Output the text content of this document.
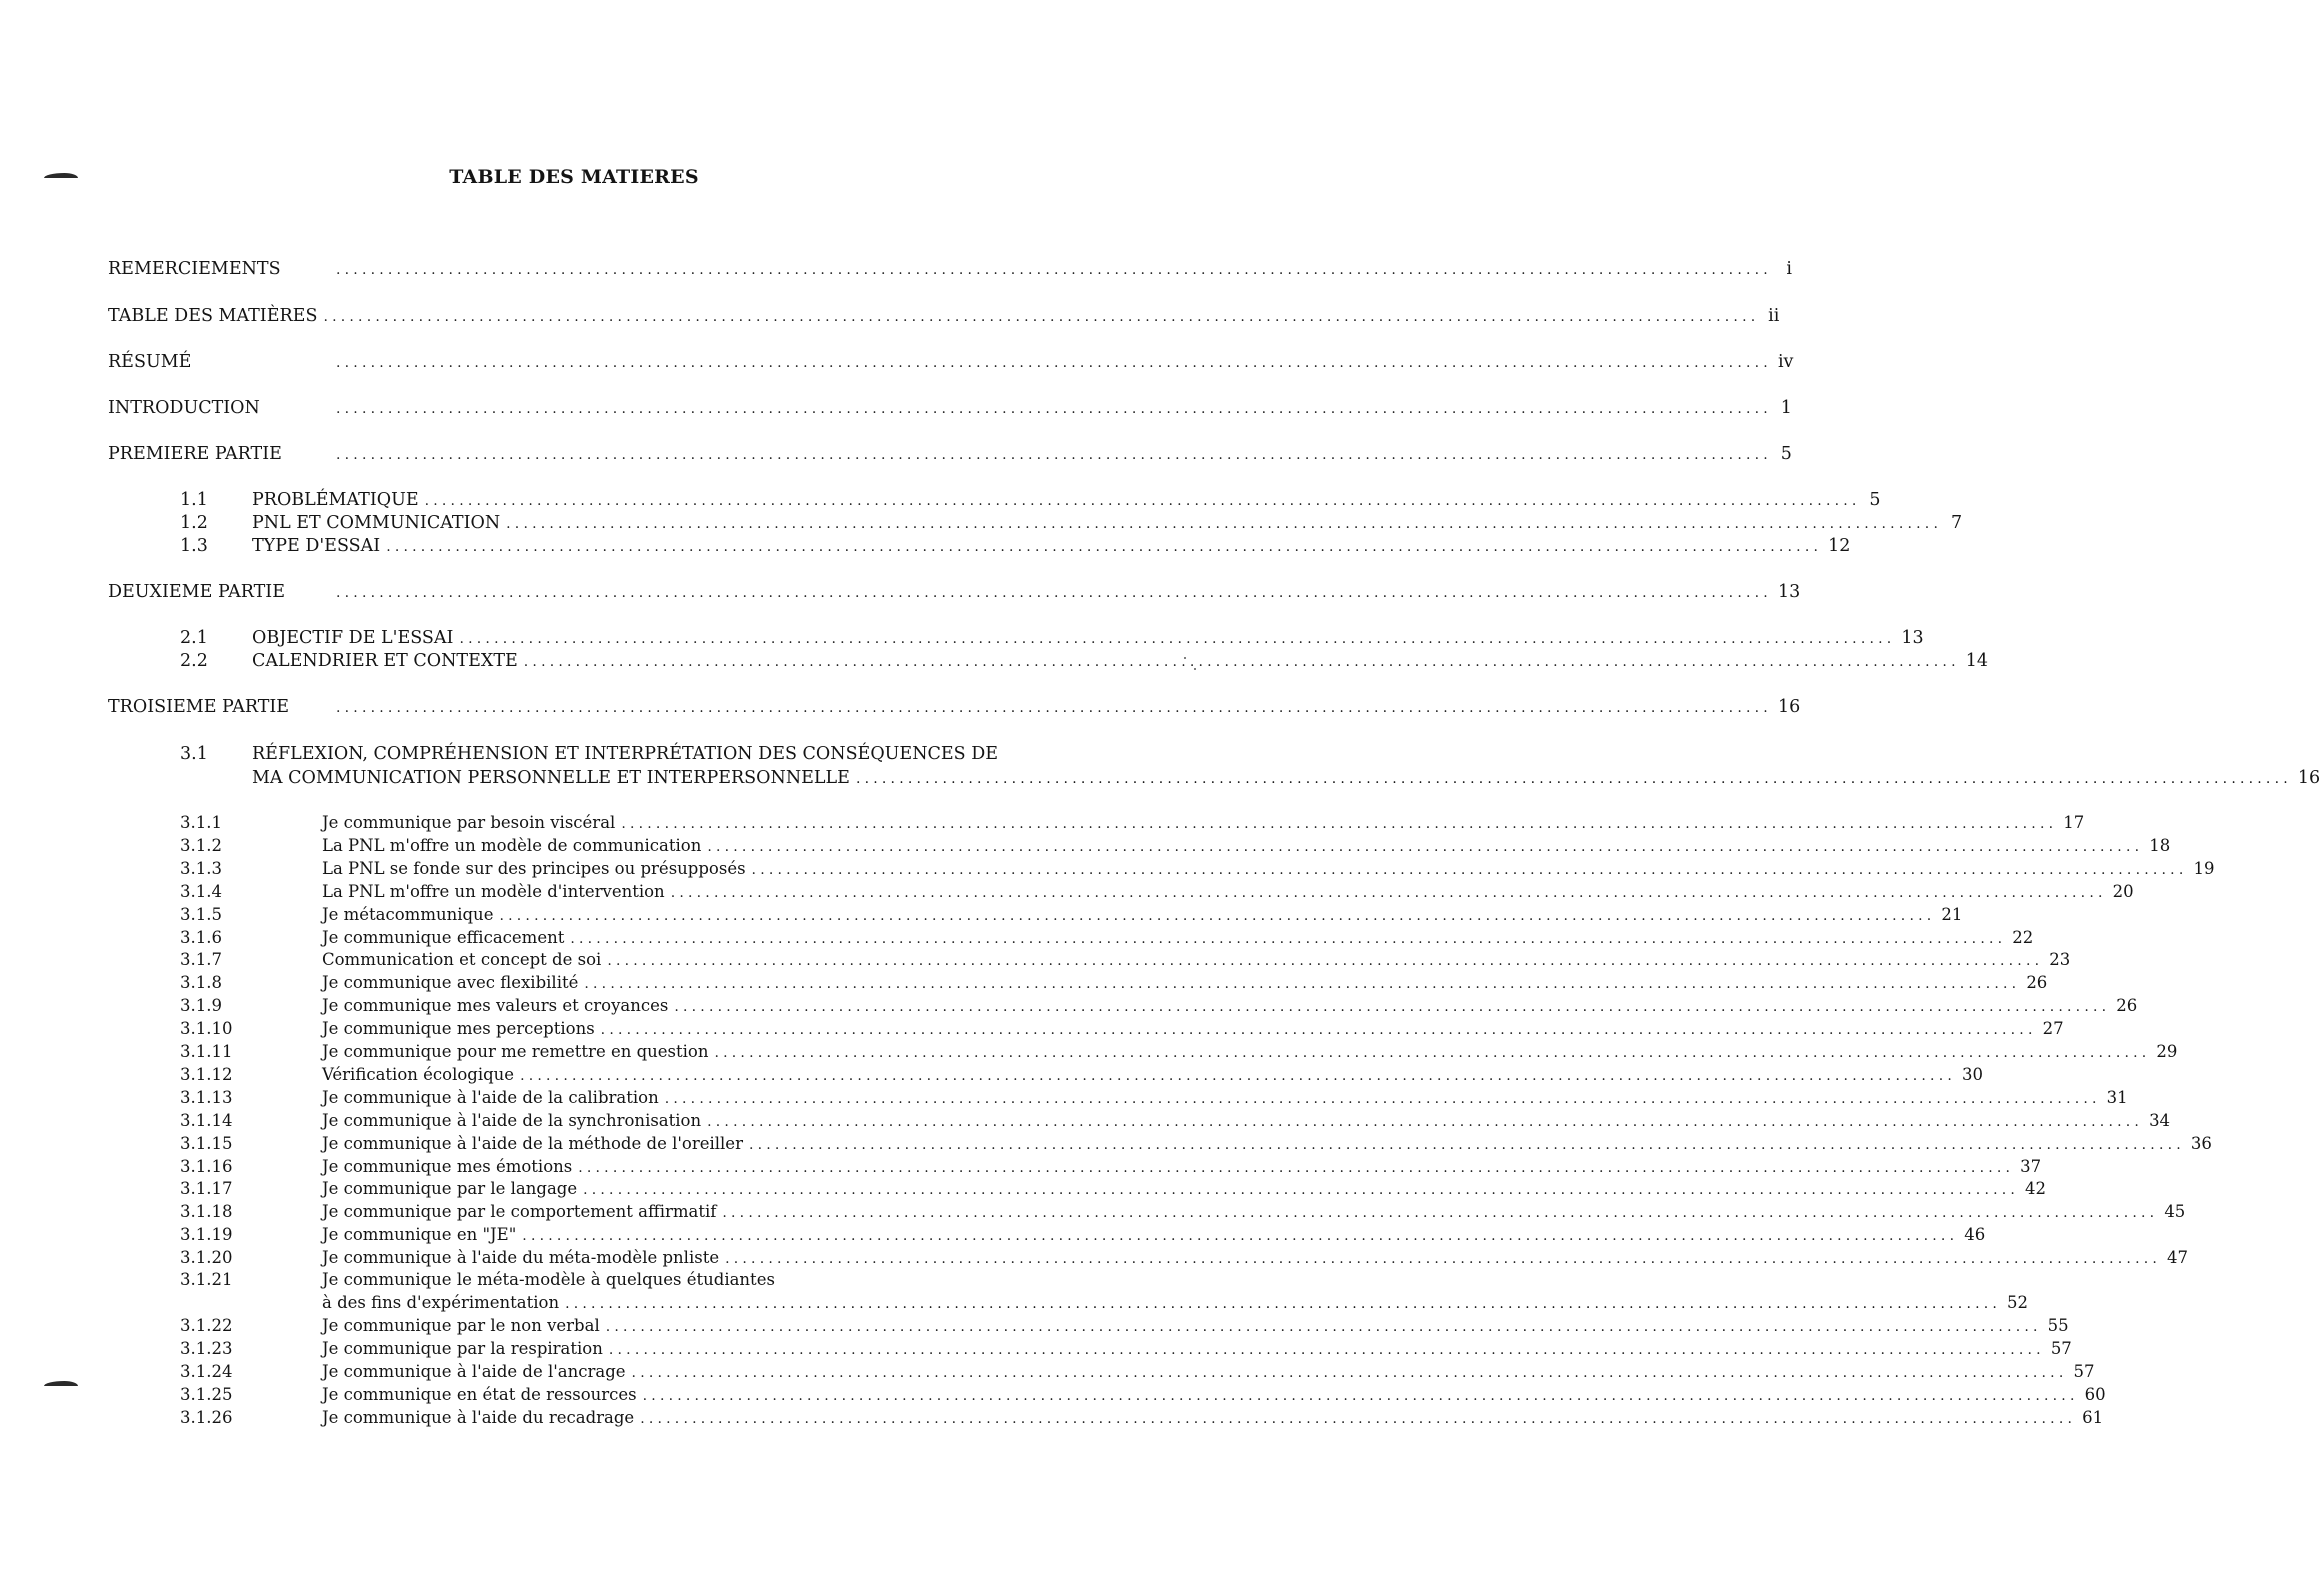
TABLE DES MATIERES
REMERCIEMENTS	...................................................................................................................................................................... i
TABLE DES MATIÈRES ...................................................................................................................................................................... ii
RÉSUMÉ	...................................................................................................................................................................... iv
INTRODUCTION	...................................................................................................................................................................... 1
PREMIERE PARTIE	...................................................................................................................................................................... 5
1.1	PROBLÉMATIQUE ...................................................................................................................................................................... 5
1.2	PNL ET COMMUNICATION ...................................................................................................................................................................... 7
1.3	TYPE D'ESSAI ...................................................................................................................................................................... 12
DEUXIEME PARTIE	...................................................................................................................................................................... 13
2.1	OBJECTIF DE L'ESSAI ...................................................................................................................................................................... 13
2.2	CALENDRIER ET CONTEXTE ...................................................................................................................................................................... 14
TROISIEME PARTIE	...................................................................................................................................................................... 16
3.1	RÉFLEXION, COMPRÉHENSION ET INTERPRÉTATION DES CONSÉQUENCES DE
MA COMMUNICATION PERSONNELLE ET INTERPERSONNELLE ...................................................................................................................................................................... 16
3.1.1	Je communique par besoin viscéral ...................................................................................................................................................................... 17
3.1.2	La PNL m'offre un modèle de communication ...................................................................................................................................................................... 18
3.1.3	La PNL se fonde sur des principes ou présupposés ...................................................................................................................................................................... 19
3.1.4	La PNL m'offre un modèle d'intervention ...................................................................................................................................................................... 20
3.1.5	Je métacommunique ...................................................................................................................................................................... 21
3.1.6	Je communique efficacement ...................................................................................................................................................................... 22
3.1.7	Communication et concept de soi ...................................................................................................................................................................... 23
3.1.8	Je communique avec flexibilité ...................................................................................................................................................................... 26
3.1.9	Je communique mes valeurs et croyances ...................................................................................................................................................................... 26
3.1.10	Je communique mes perceptions ...................................................................................................................................................................... 27
3.1.11	Je communique pour me remettre en question ...................................................................................................................................................................... 29
3.1.12	Vérification écologique ...................................................................................................................................................................... 30
3.1.13	Je communique à l'aide de la calibration ...................................................................................................................................................................... 31
3.1.14	Je communique à l'aide de la synchronisation ...................................................................................................................................................................... 34
3.1.15	Je communique à l'aide de la méthode de l'oreiller ...................................................................................................................................................................... 36
3.1.16	Je communique mes émotions ...................................................................................................................................................................... 37
3.1.17	Je communique par le langage ...................................................................................................................................................................... 42
3.1.18	Je communique par le comportement affirmatif ...................................................................................................................................................................... 45
3.1.19	Je communique en "JE" ...................................................................................................................................................................... 46
3.1.20	Je communique à l'aide du méta-modèle pnliste ...................................................................................................................................................................... 47
3.1.21	Je communique le méta-modèle à quelques étudiantes
à des fins d'expérimentation ...................................................................................................................................................................... 52
3.1.22	Je communique par le non verbal ...................................................................................................................................................................... 55
3.1.23	Je communique par la respiration ...................................................................................................................................................................... 57
3.1.24	Je communique à l'aide de l'ancrage ...................................................................................................................................................................... 57
3.1.25	Je communique en état de ressources ...................................................................................................................................................................... 60
3.1.26	Je communique à l'aide du recadrage ...................................................................................................................................................................... 61
